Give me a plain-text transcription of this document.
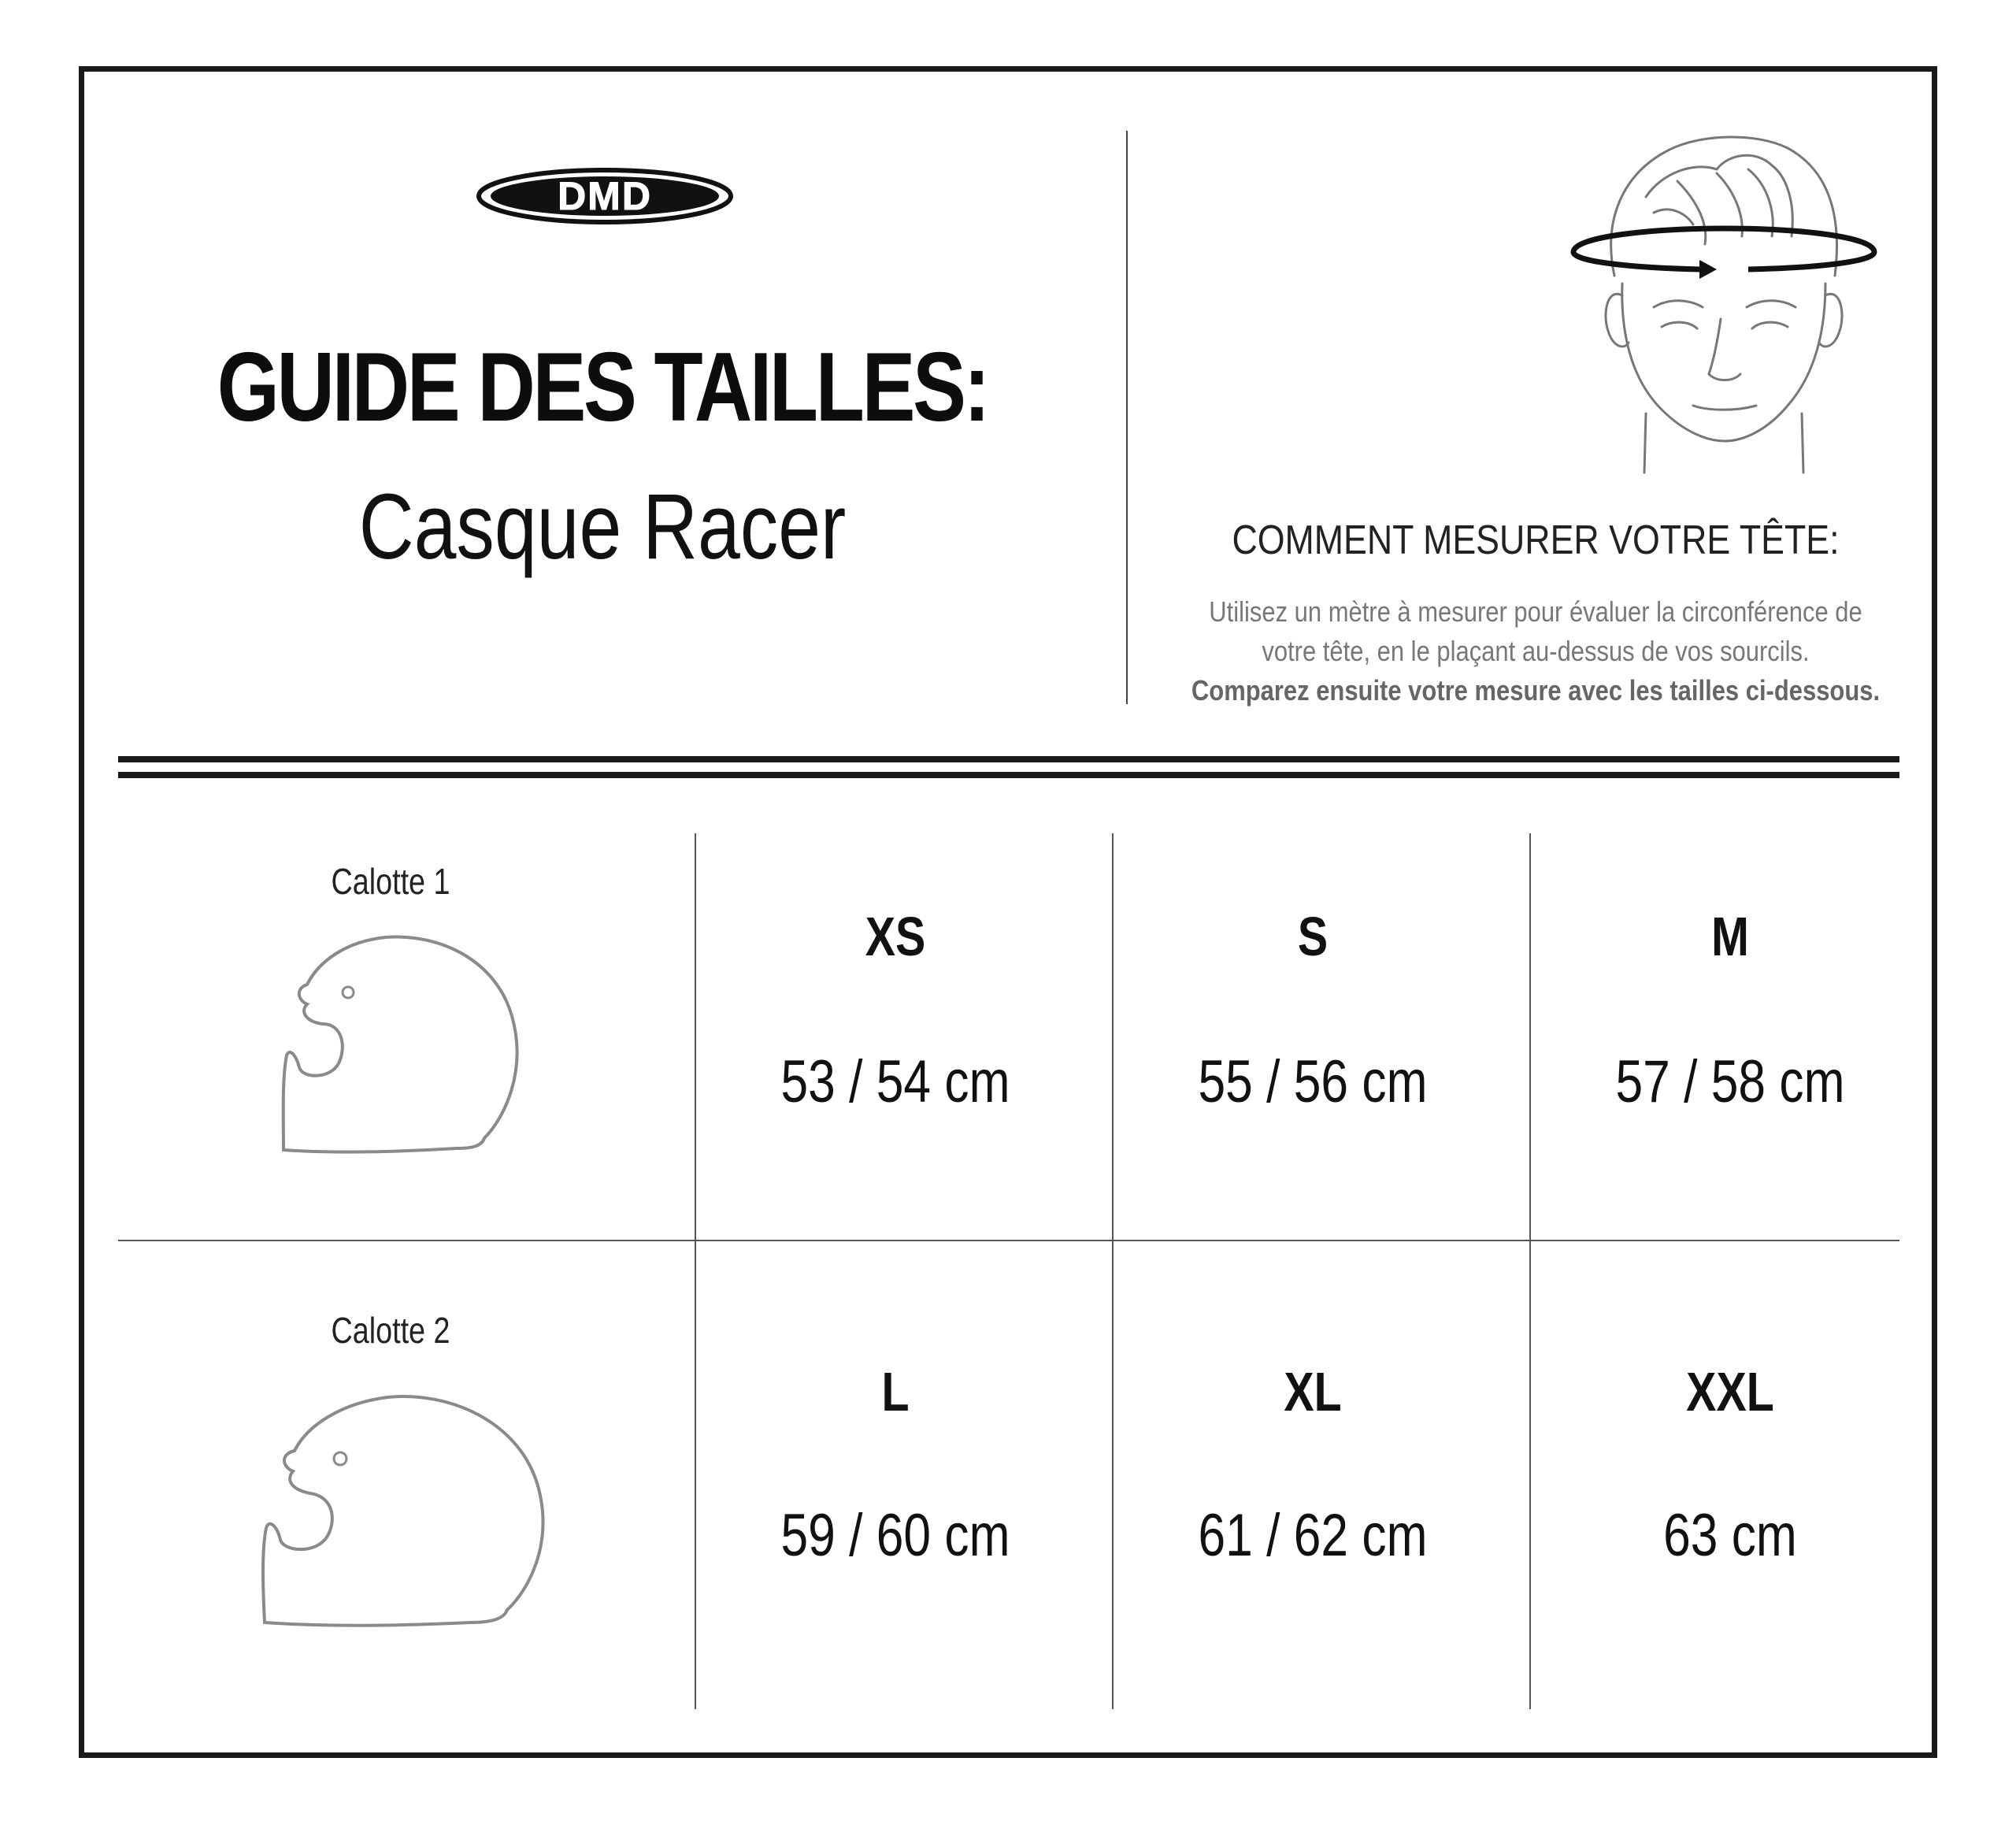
DMD
GUIDE DES TAILLES:
Casque Racer	COMMENT MESURER VOTRE TÊTE:
Utilisez un mètre à mesurer pour évaluer la circonférence de
votre tête, en le plaçant au-dessus de vos sourcils.
Comparez ensuite votre mesure avec les tailles ci-dessous.
Calotte 1
XS
53 / 54 cm
S
55 / 56 cm
M
57 / 58 cm
Calotte 2
L
59 / 60 cm
XL
61 / 62 cm
XXL
63 cm
